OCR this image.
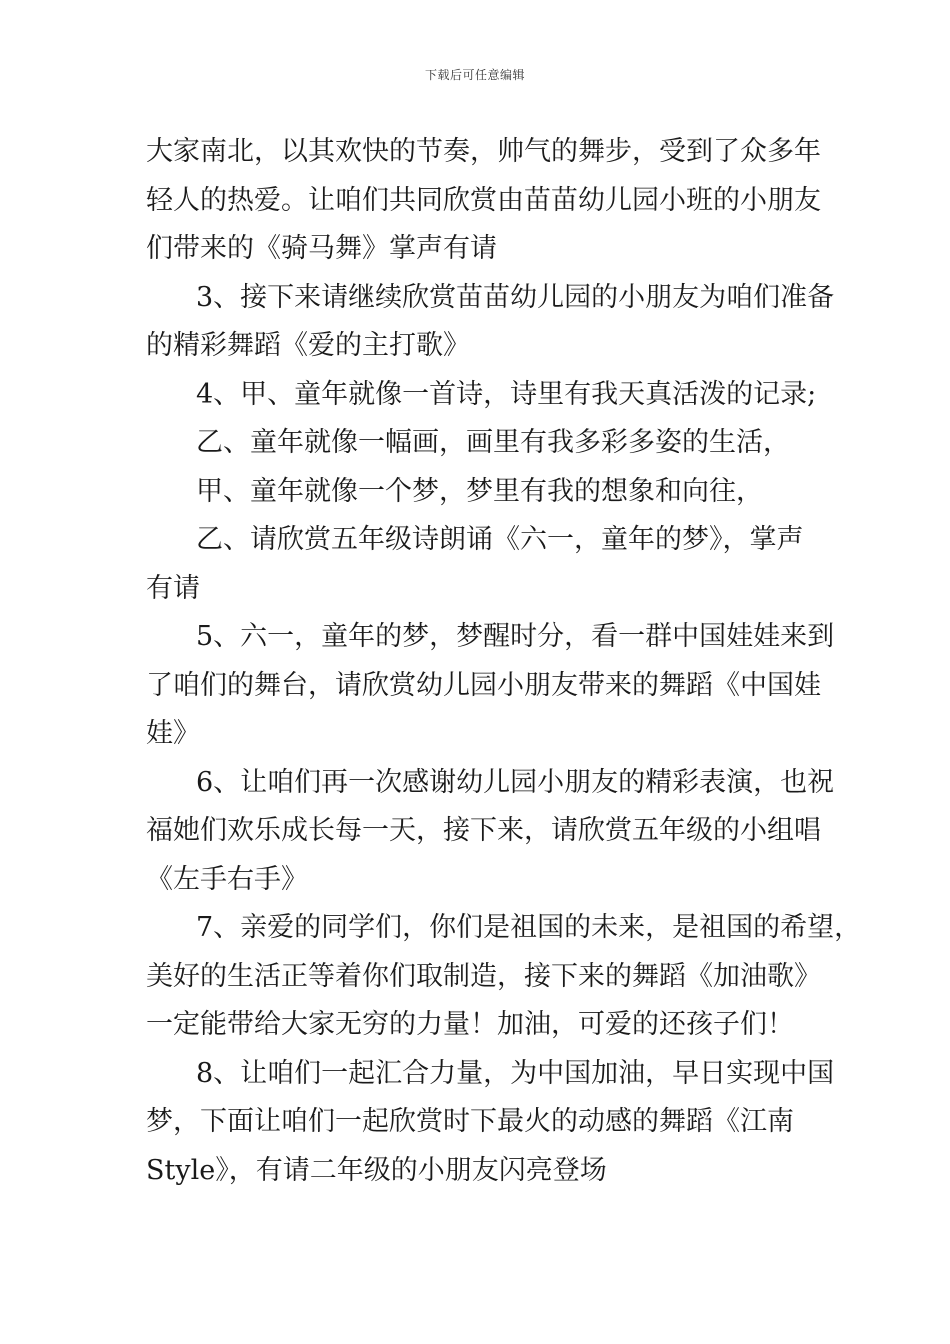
下载后可任意编辑

大家南北，以其欢快的节奏，帅气的舞步，受到了众多年
轻人的热爱。让咱们共同欣赏由苗苗幼儿园小班的小朋友
们带来的《骑马舞》掌声有请

3、接下来请继续欣赏苗苗幼儿园的小朋友为咱们准备
的精彩舞蹈《爱的主打歌》

4、甲、童年就像一首诗，诗里有我天真活泼的记录;

乙、童年就像一幅画，画里有我多彩多姿的生活，

甲、童年就像一个梦，梦里有我的想象和向往，

乙、请欣赏五年级诗朗诵《六一，童年的梦》，掌声
有请

5、六一，童年的梦，梦醒时分，看一群中国娃娃来到
了咱们的舞台，请欣赏幼儿园小朋友带来的舞蹈《中国娃
娃》

6、让咱们再一次感谢幼儿园小朋友的精彩表演，也祝
福她们欢乐成长每一天，接下来，请欣赏五年级的小组唱
《左手右手》

7、亲爱的同学们，你们是祖国的未来，是祖国的希望，
美好的生活正等着你们取制造，接下来的舞蹈《加油歌》
一定能带给大家无穷的力量！加油，可爱的还孩子们！

8、让咱们一起汇合力量，为中国加油，早日实现中国
梦，下面让咱们一起欣赏时下最火的动感的舞蹈《江南
Style》，有请二年级的小朋友闪亮登场
